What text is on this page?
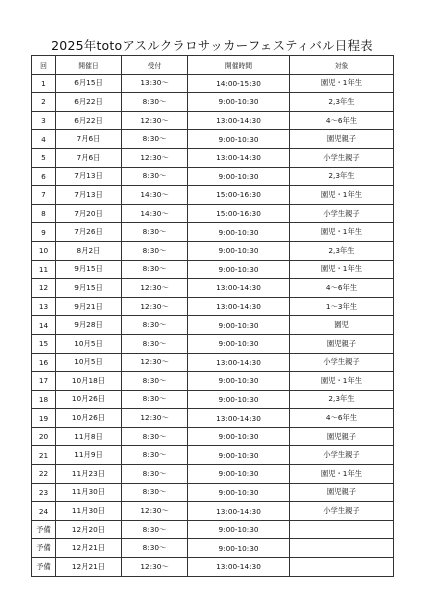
2025年totoアスルクラロサッカーフェスティバル日程表
回	開催日	受付	開催時間	対象
1	6月15日	13:30～	14:00-15:30	園児・1年生
2	6月22日	8:30～	9:00-10:30	2,3年生
3	6月22日	12:30～	13:00-14:30	4～6年生
4	7月6日	8:30～	9:00-10:30	園児親子
5	7月6日	12:30～	13:00-14:30	小学生親子
6	7月13日	8:30～	9:00-10:30	2,3年生
7	7月13日	14:30～	15:00-16:30	園児・1年生
8	7月20日	14:30～	15:00-16:30	小学生親子
9	7月26日	8:30～	9:00-10:30	園児・1年生
10	8月2日	8:30～	9:00-10:30	2,3年生
11	9月15日	8:30～	9:00-10:30	園児・1年生
12	9月15日	12:30～	13:00-14:30	4～6年生
13	9月21日	12:30～	13:00-14:30	1～3年生
14	9月28日	8:30～	9:00-10:30	園児
15	10月5日	8:30～	9:00-10:30	園児親子
16	10月5日	12:30～	13:00-14:30	小学生親子
17	10月18日	8:30～	9:00-10:30	園児・1年生
18	10月26日	8:30～	9:00-10:30	2,3年生
19	10月26日	12:30～	13:00-14:30	4～6年生
20	11月8日	8:30～	9:00-10:30	園児親子
21	11月9日	8:30～	9:00-10:30	小学生親子
22	11月23日	8:30～	9:00-10:30	園児・1年生
23	11月30日	8:30～	9:00-10:30	園児親子
24	11月30日	12:30～	13:00-14:30	小学生親子
予備	12月20日	8:30～	9:00-10:30	
予備	12月21日	8:30～	9:00-10:30	
予備	12月21日	12:30～	13:00-14:30	
